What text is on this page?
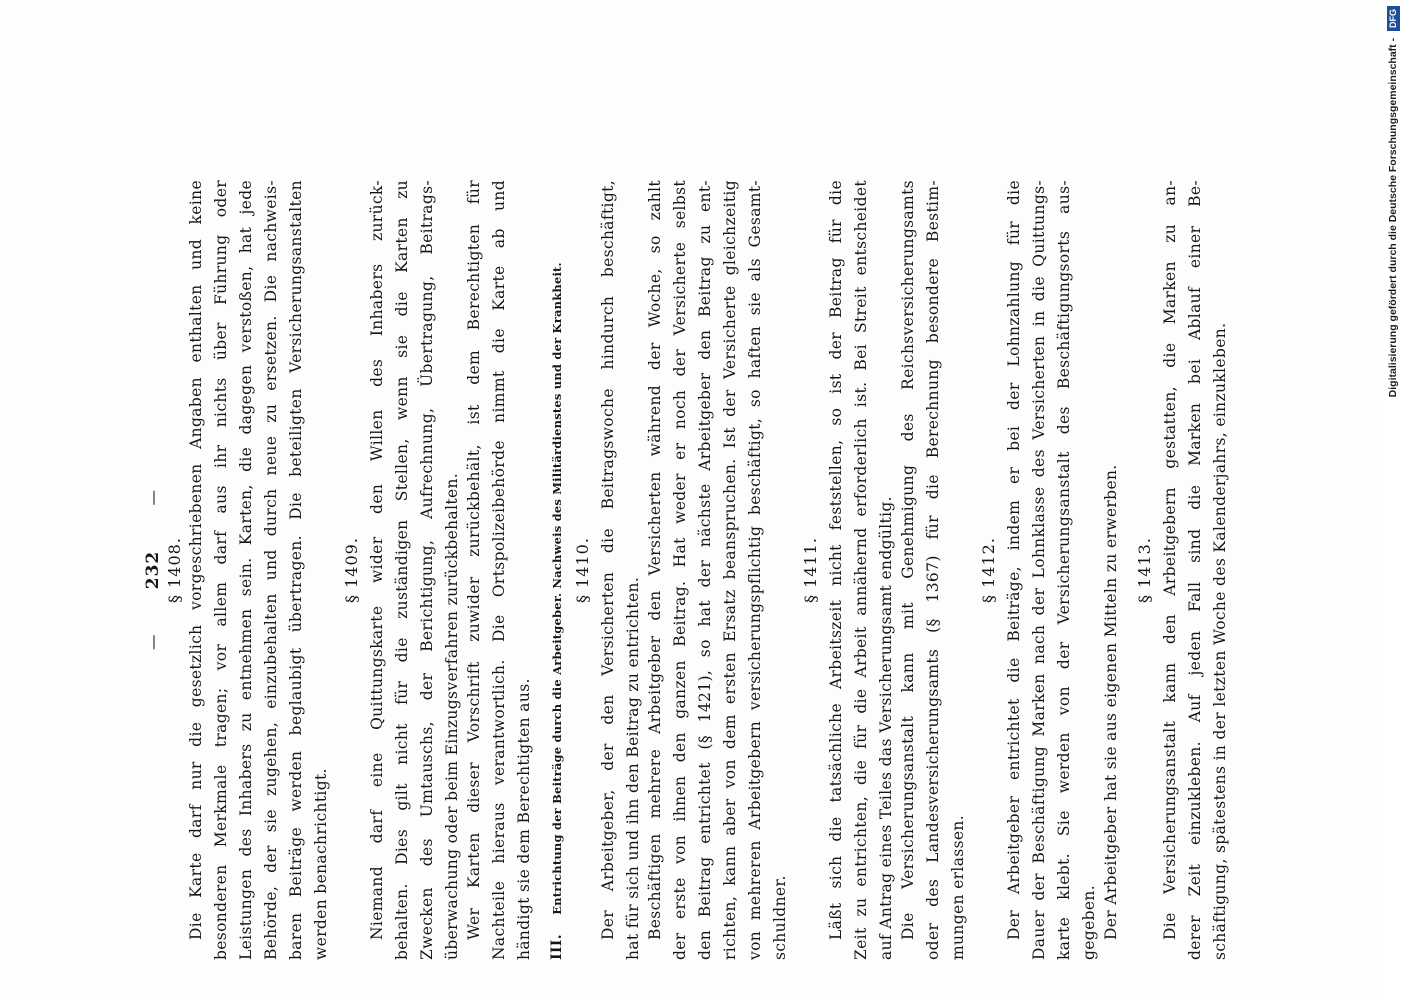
— 232 —
§ 1408. Die Karte darf nur die gesetzlich vorgeschriebenen Angaben enthalten und keine besonderen Merkmale tragen; vor allem darf aus ihr nichts über Führung oder Leistungen des Inhabers zu entnehmen sein. Karten, die dagegen verstoßen, hat jede Behörde, der sie zugehen, einzubehalten und durch neue zu ersetzen. Die nachweis- baren Beiträge werden beglaubigt übertragen. Die beteiligten Versicherungsanstalten werden benachrichtigt.
§ 1409. Niemand darf eine Quittungskarte wider den Willen des Inhabers zurück- behalten. Dies gilt nicht für die zuständigen Stellen, wenn sie die Karten zu Zwecken des Umtauschs, der Berichtigung, Aufrechnung, Übertragung, Beitrags- überwachung oder beim Einzugsverfahren zurückbehalten. Wer Karten dieser Vorschrift zuwider zurückbehält, ist dem Berechtigten für Nachteile hieraus verantwortlich. Die Ortspolizeibehörde nimmt die Karte ab und händigt sie dem Berechtigten aus. III. Entrichtung der Beiträge durch die Arbeitgeber. Nachweis des Militärdienstes und der Krankheit. § 1410. Der Arbeitgeber, der den Versicherten die Beitragswoche hindurch beschäftigt, hat für sich und ihn den Beitrag zu entrichten. Beschäftigen mehrere Arbeitgeber den Versicherten während der Woche, so zahlt der erste von ihnen den ganzen Beitrag. Hat weder er noch der Versicherte selbst den Beitrag entrichtet (§ 1421), so hat der nächste Arbeitgeber den Beitrag zu ent- richten, kann aber von dem ersten Ersatz beanspruchen. Ist der Versicherte gleichzeitig von mehreren Arbeitgebern versicherungspflichtig beschäftigt, so haften sie als Gesamt- schuldner.
§ 1411. Läßt sich die tatsächliche Arbeitszeit nicht feststellen, so ist der Beitrag für die Zeit zu entrichten, die für die Arbeit annähernd erforderlich ist. Bei Streit entscheidet auf Antrag eines Teiles das Versicherungsamt endgültig. Die Versicherungsanstalt kann mit Genehmigung des Reichsversicherungsamts oder des Landesversicherungsamts (§ 1367) für die Berechnung besondere Bestim- mungen erlassen.
§ 1412. Der Arbeitgeber entrichtet die Beiträge, indem er bei der Lohnzahlung für die Dauer der Beschäftigung Marken nach der Lohnklasse des Versicherten in die Quittungs- karte klebt. Sie werden von der Versicherungsanstalt des Beschäftigungsorts aus- gegeben. Der Arbeitgeber hat sie aus eigenen Mitteln zu erwerben. § 1413. Die Versicherungsanstalt kann den Arbeitgebern gestatten, die Marken zu an- derer Zeit einzukleben. Auf jeden Fall sind die Marken bei Ablauf einer Be- schäftigung, spätestens in der letzten Woche des Kalenderjahrs, einzukleben.
Digitalisierung gefördert durch die Deutsche Forschungsgemeinschaft - DFG
